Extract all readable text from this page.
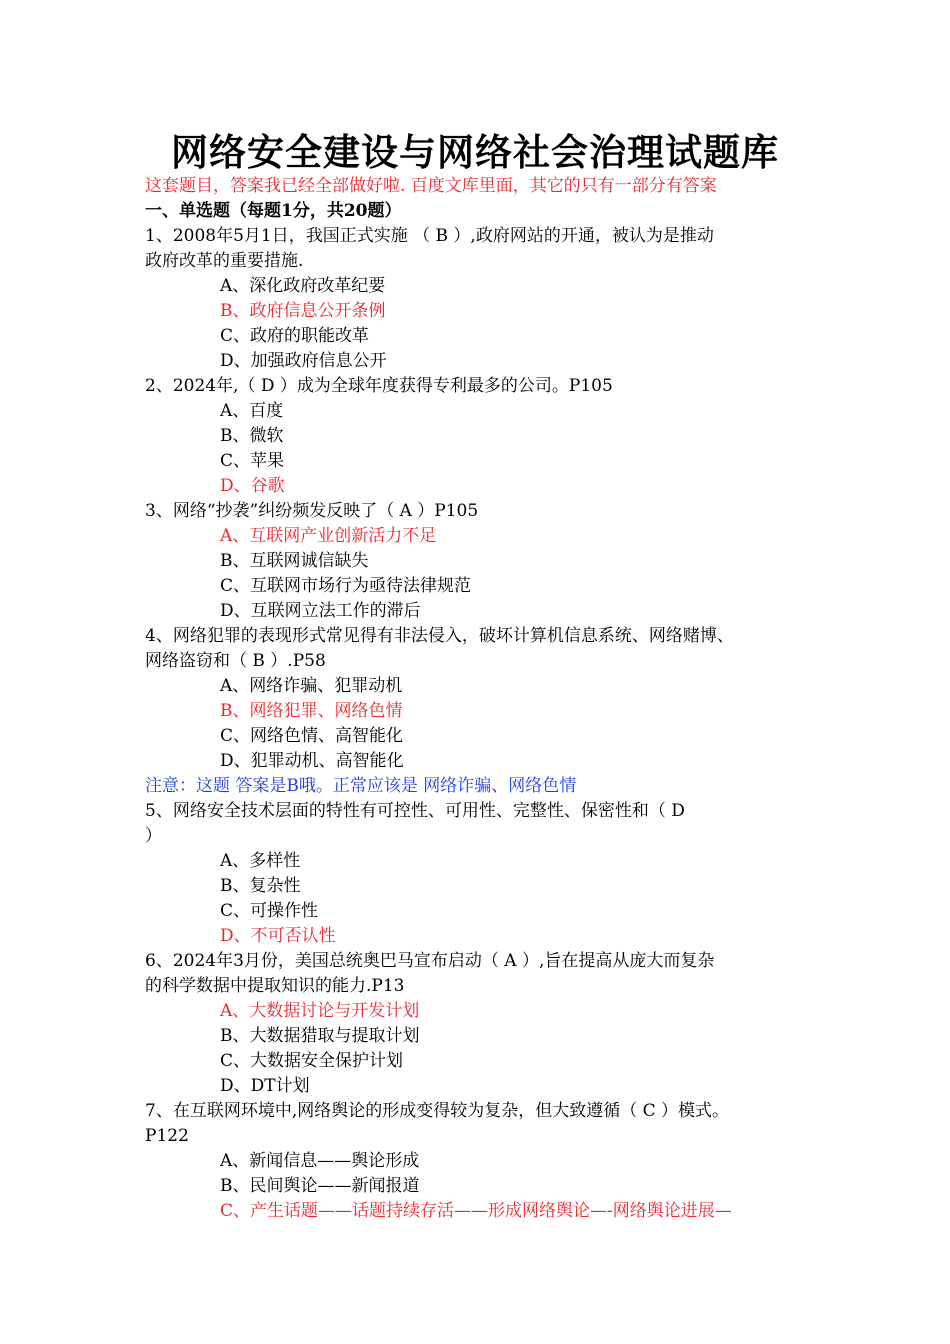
网络安全建设与网络社会治理试题库
这套题目，答案我已经全部做好啦. 百度文库里面，其它的只有一部分有答案
一、单选题（每题1分，共20题）
1、2008年5月1日，我国正式实施 （ B ）,政府网站的开通，被认为是推动
政府改革的重要措施.
A、深化政府改革纪要
B、政府信息公开条例
C、政府的职能改革
D、加强政府信息公开
2、2024年,（ D ）成为全球年度获得专利最多的公司。P105
A、百度
B、微软
C、苹果
D、谷歌
3、网络“抄袭”纠纷频发反映了（ A ）P105
A、互联网产业创新活力不足
B、互联网诚信缺失
C、互联网市场行为亟待法律规范
D、互联网立法工作的滞后
4、网络犯罪的表现形式常见得有非法侵入，破坏计算机信息系统、网络赌博、
网络盗窃和（ B ）.P58
A、网络诈骗、犯罪动机
B、网络犯罪、网络色情
C、网络色情、高智能化
D、犯罪动机、高智能化
注意：这题 答案是B哦。正常应该是 网络诈骗、网络色情
5、网络安全技术层面的特性有可控性、可用性、完整性、保密性和（ D
）
A、多样性
B、复杂性
C、可操作性
D、不可否认性
6、2024年3月份，美国总统奥巴马宣布启动（ A ）,旨在提高从庞大而复杂
的科学数据中提取知识的能力.P13
A、大数据讨论与开发计划
B、大数据猎取与提取计划
C、大数据安全保护计划
D、DT计划
7、在互联网环境中,网络舆论的形成变得较为复杂，但大致遵循（ C ）模式。
P122
A、新闻信息——舆论形成
B、民间舆论——新闻报道
C、产生话题——话题持续存活——形成网络舆论—-网络舆论进展—
